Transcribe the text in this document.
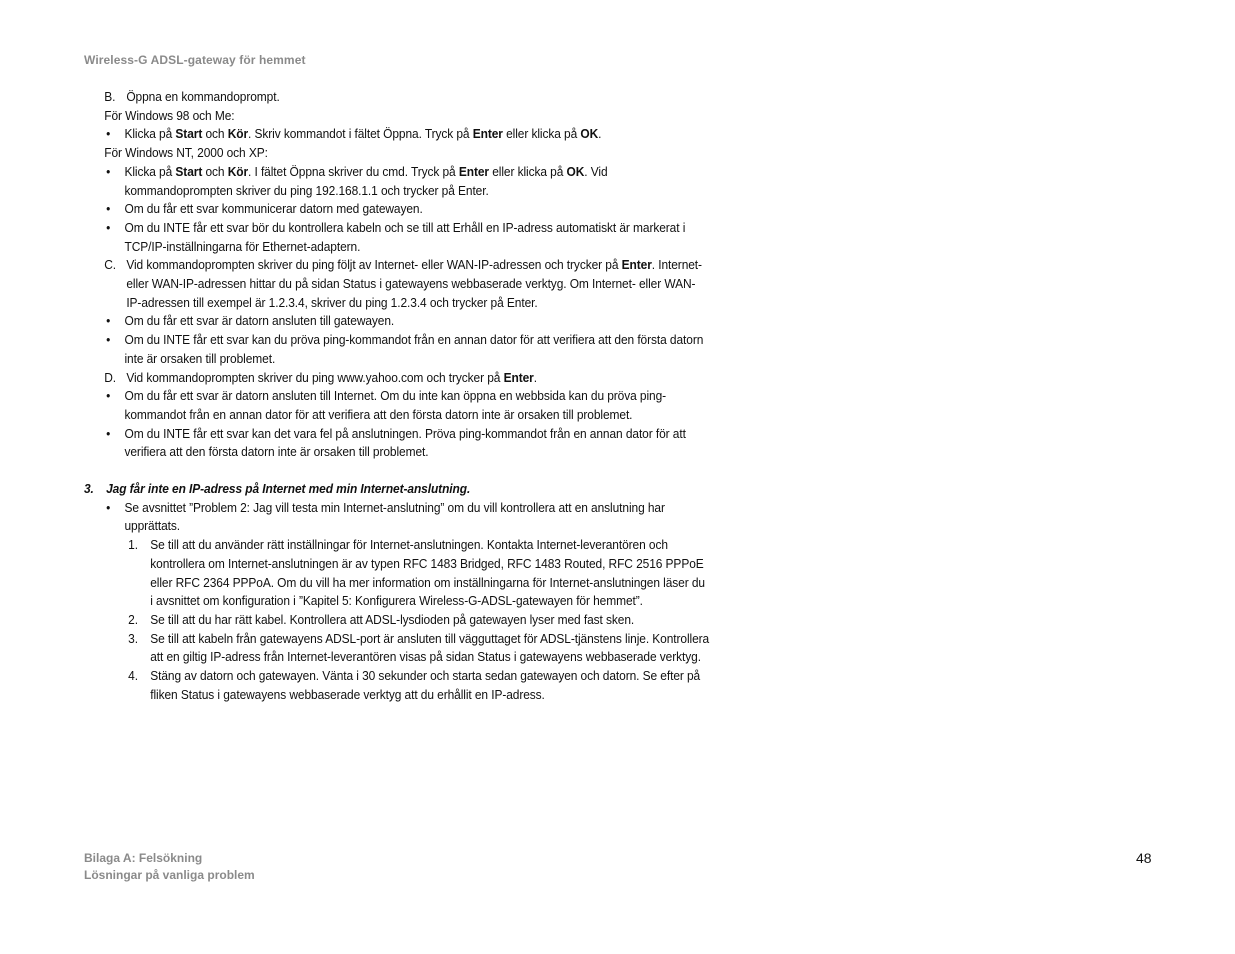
Wireless-G ADSL-gateway för hemmet
B. Öppna en kommandoprompt.
För Windows 98 och Me:
• Klicka på Start och Kör. Skriv kommandot i fältet Öppna. Tryck på Enter eller klicka på OK.
För Windows NT, 2000 och XP:
• Klicka på Start och Kör. I fältet Öppna skriver du cmd. Tryck på Enter eller klicka på OK. Vid kommandoprompten skriver du ping 192.168.1.1 och trycker på Enter.
• Om du får ett svar kommunicerar datorn med gatewayen.
• Om du INTE får ett svar bör du kontrollera kabeln och se till att Erhåll en IP-adress automatiskt är markerat i TCP/IP-inställningarna för Ethernet-adaptern.
C. Vid kommandoprompten skriver du ping följt av Internet- eller WAN-IP-adressen och trycker på Enter. Internet- eller WAN-IP-adressen hittar du på sidan Status i gatewayens webbaserade verktyg. Om Internet- eller WAN-IP-adressen till exempel är 1.2.3.4, skriver du ping 1.2.3.4 och trycker på Enter.
• Om du får ett svar är datorn ansluten till gatewayen.
• Om du INTE får ett svar kan du pröva ping-kommandot från en annan dator för att verifiera att den första datorn inte är orsaken till problemet.
D. Vid kommandoprompten skriver du ping www.yahoo.com och trycker på Enter.
• Om du får ett svar är datorn ansluten till Internet. Om du inte kan öppna en webbsida kan du pröva ping-kommandot från en annan dator för att verifiera att den första datorn inte är orsaken till problemet.
• Om du INTE får ett svar kan det vara fel på anslutningen. Pröva ping-kommandot från en annan dator för att verifiera att den första datorn inte är orsaken till problemet.
3. Jag får inte en IP-adress på Internet med min Internet-anslutning.
• Se avsnittet ”Problem 2: Jag vill testa min Internet-anslutning” om du vill kontrollera att en anslutning har upprättats.
1. Se till att du använder rätt inställningar för Internet-anslutningen. Kontakta Internet-leverantören och kontrollera om Internet-anslutningen är av typen RFC 1483 Bridged, RFC 1483 Routed, RFC 2516 PPPoE eller RFC 2364 PPPoA. Om du vill ha mer information om inställningarna för Internet-anslutningen läser du i avsnittet om konfiguration i ”Kapitel 5: Konfigurera Wireless-G-ADSL-gatewayen för hemmet”.
2. Se till att du har rätt kabel. Kontrollera att ADSL-lysdioden på gatewayen lyser med fast sken.
3. Se till att kabeln från gatewayens ADSL-port är ansluten till vägguttaget för ADSL-tjänstens linje. Kontrollera att en giltig IP-adress från Internet-leverantören visas på sidan Status i gatewayens webbaserade verktyg.
4. Stäng av datorn och gatewayen. Vänta i 30 sekunder och starta sedan gatewayen och datorn. Se efter på fliken Status i gatewayens webbaserade verktyg att du erhållit en IP-adress.
Bilaga A: Felsökning
Lösningar på vanliga problem
48
